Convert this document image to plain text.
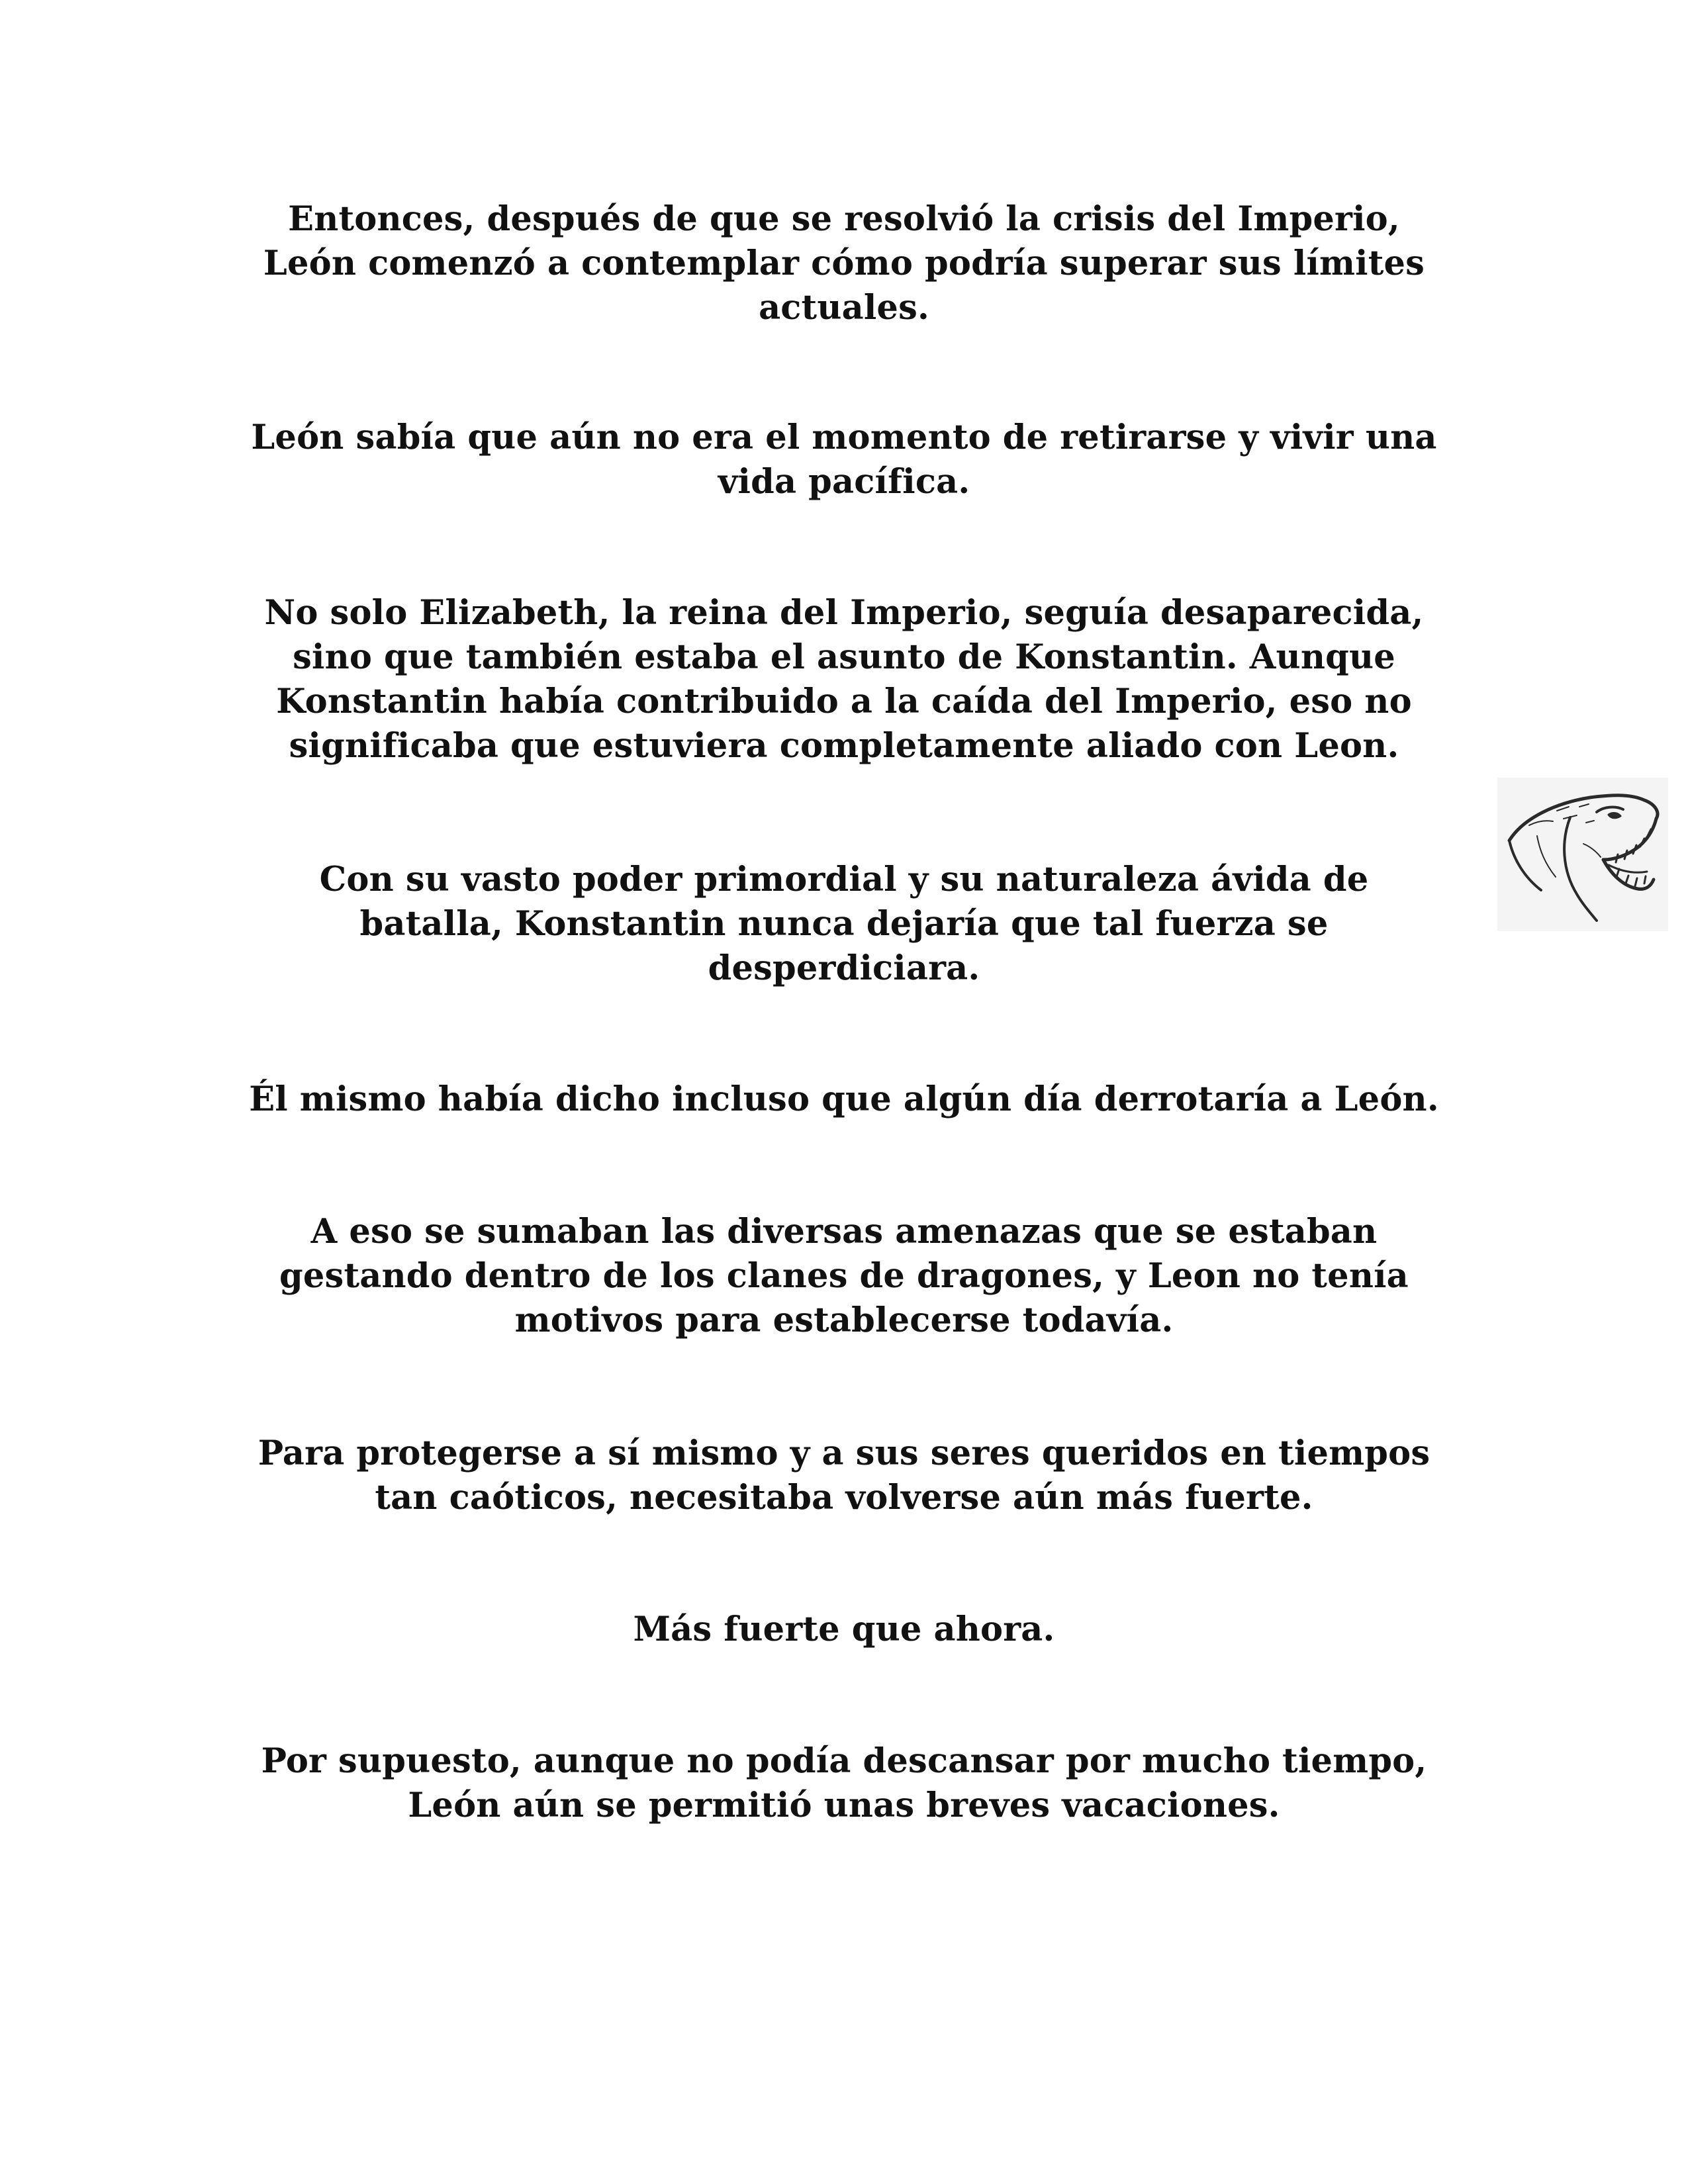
Entonces, después de que se resolvió la crisis del Imperio,
León comenzó a contemplar cómo podría superar sus límites
actuales.

León sabía que aún no era el momento de retirarse y vivir una
vida pacífica.

No solo Elizabeth, la reina del Imperio, seguía desaparecida,
sino que también estaba el asunto de Konstantin. Aunque
Konstantin había contribuido a la caída del Imperio, eso no
significaba que estuviera completamente aliado con Leon.

Con su vasto poder primordial y su naturaleza ávida de
batalla, Konstantin nunca dejaría que tal fuerza se
desperdiciara.

Él mismo había dicho incluso que algún día derrotaría a León.

A eso se sumaban las diversas amenazas que se estaban
gestando dentro de los clanes de dragones, y Leon no tenía
motivos para establecerse todavía.

Para protegerse a sí mismo y a sus seres queridos en tiempos
tan caóticos, necesitaba volverse aún más fuerte.

Más fuerte que ahora.

Por supuesto, aunque no podía descansar por mucho tiempo,
León aún se permitió unas breves vacaciones.
